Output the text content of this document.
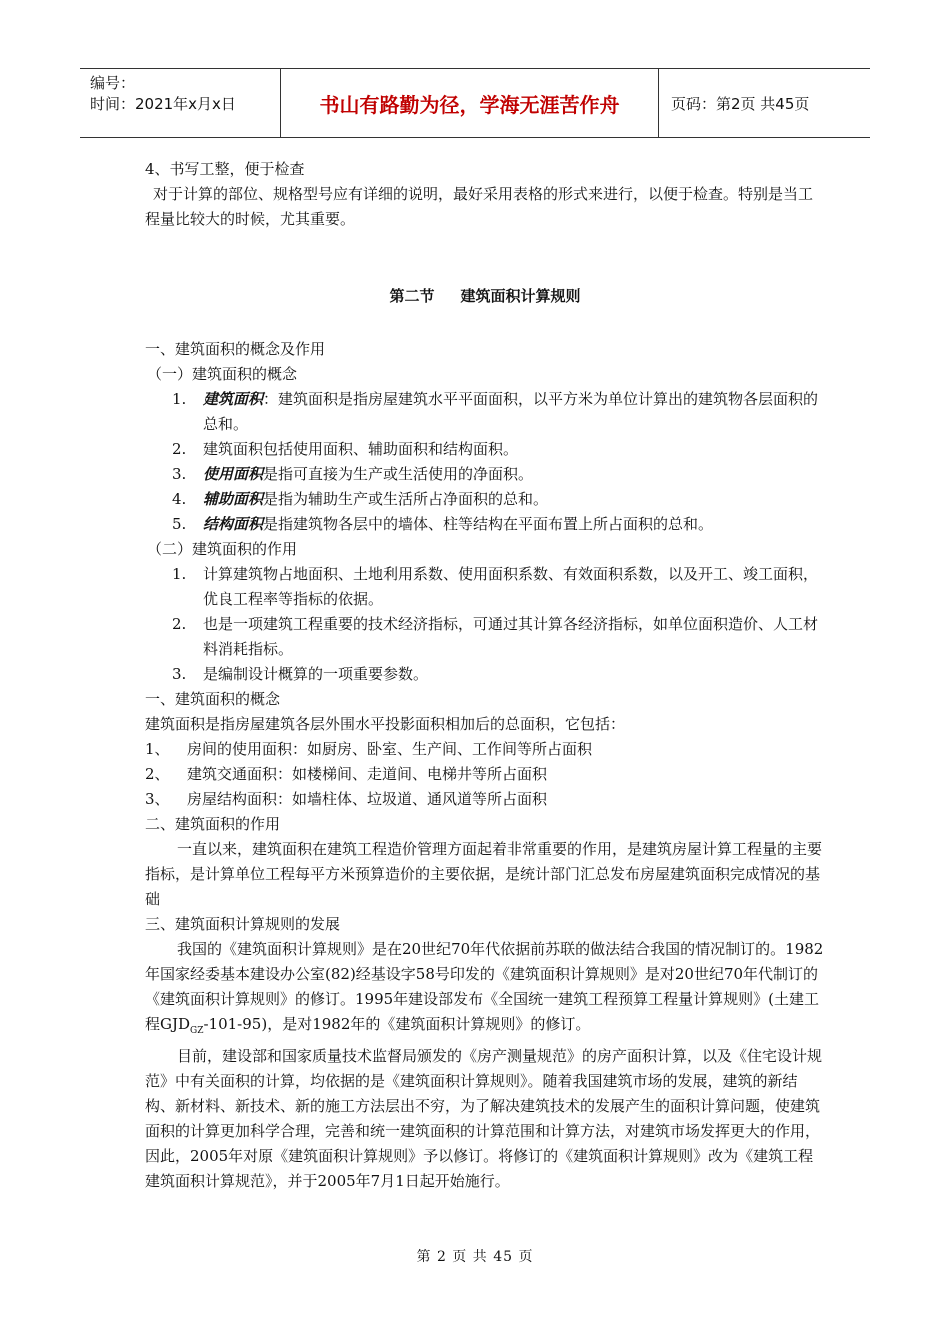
编号：
时间：2021年x月x日	书山有路勤为径，学海无涯苦作舟	页码：第2页 共45页

4、书写工整，便于检查

对于计算的部位、规格型号应有详细的说明，最好采用表格的形式来进行，以便于检查。特别是当工程量比较大的时候，尤其重要。

第二节 建筑面积计算规则

一、建筑面积的概念及作用

（一）建筑面积的概念

1. 建筑面积：建筑面积是指房屋建筑水平平面面积，以平方米为单位计算出的建筑物各层面积的总和。
2. 建筑面积包括使用面积、辅助面积和结构面积。
3. 使用面积是指可直接为生产或生活使用的净面积。
4. 辅助面积是指为辅助生产或生活所占净面积的总和。
5. 结构面积是指建筑物各层中的墙体、柱等结构在平面布置上所占面积的总和。

（二）建筑面积的作用

1. 计算建筑物占地面积、土地利用系数、使用面积系数、有效面积系数，以及开工、竣工面积，优良工程率等指标的依据。
2. 也是一项建筑工程重要的技术经济指标，可通过其计算各经济指标，如单位面积造价、人工材料消耗指标。
3. 是编制设计概算的一项重要参数。

一、建筑面积的概念

建筑面积是指房屋建筑各层外围水平投影面积相加后的总面积，它包括：

1、	房间的使用面积：如厨房、卧室、生产间、工作间等所占面积
2、	建筑交通面积：如楼梯间、走道间、电梯井等所占面积
3、	房屋结构面积：如墙柱体、垃圾道、通风道等所占面积

二、建筑面积的作用

一直以来，建筑面积在建筑工程造价管理方面起着非常重要的作用，是建筑房屋计算工程量的主要指标，是计算单位工程每平方米预算造价的主要依据，是统计部门汇总发布房屋建筑面积完成情况的基础

三、建筑面积计算规则的发展

我国的《建筑面积计算规则》是在20世纪70年代依据前苏联的做法结合我国的情况制订的。1982年国家经委基本建设办公室(82)经基设字58号印发的《建筑面积计算规则》是对20世纪70年代制订的《建筑面积计算规则》的修订。1995年建设部发布《全国统一建筑工程预算工程量计算规则》(土建工程$GJD_{GZ}-101-95$)，是对1982年的《建筑面积计算规则》的修订。

目前，建设部和国家质量技术监督局颁发的《房产测量规范》的房产面积计算，以及《住宅设计规范》中有关面积的计算，均依据的是《建筑面积计算规则》。随着我国建筑市场的发展，建筑的新结构、新材料、新技术、新的施工方法层出不穷，为了解决建筑技术的发展产生的面积计算问题，使建筑面积的计算更加科学合理，完善和统一建筑面积的计算范围和计算方法，对建筑市场发挥更大的作用，因此，2005年对原《建筑面积计算规则》予以修订。将修订的《建筑面积计算规则》改为《建筑工程建筑面积计算规范》，并于2005年7月1日起开始施行。

第 2 页 共 45 页
